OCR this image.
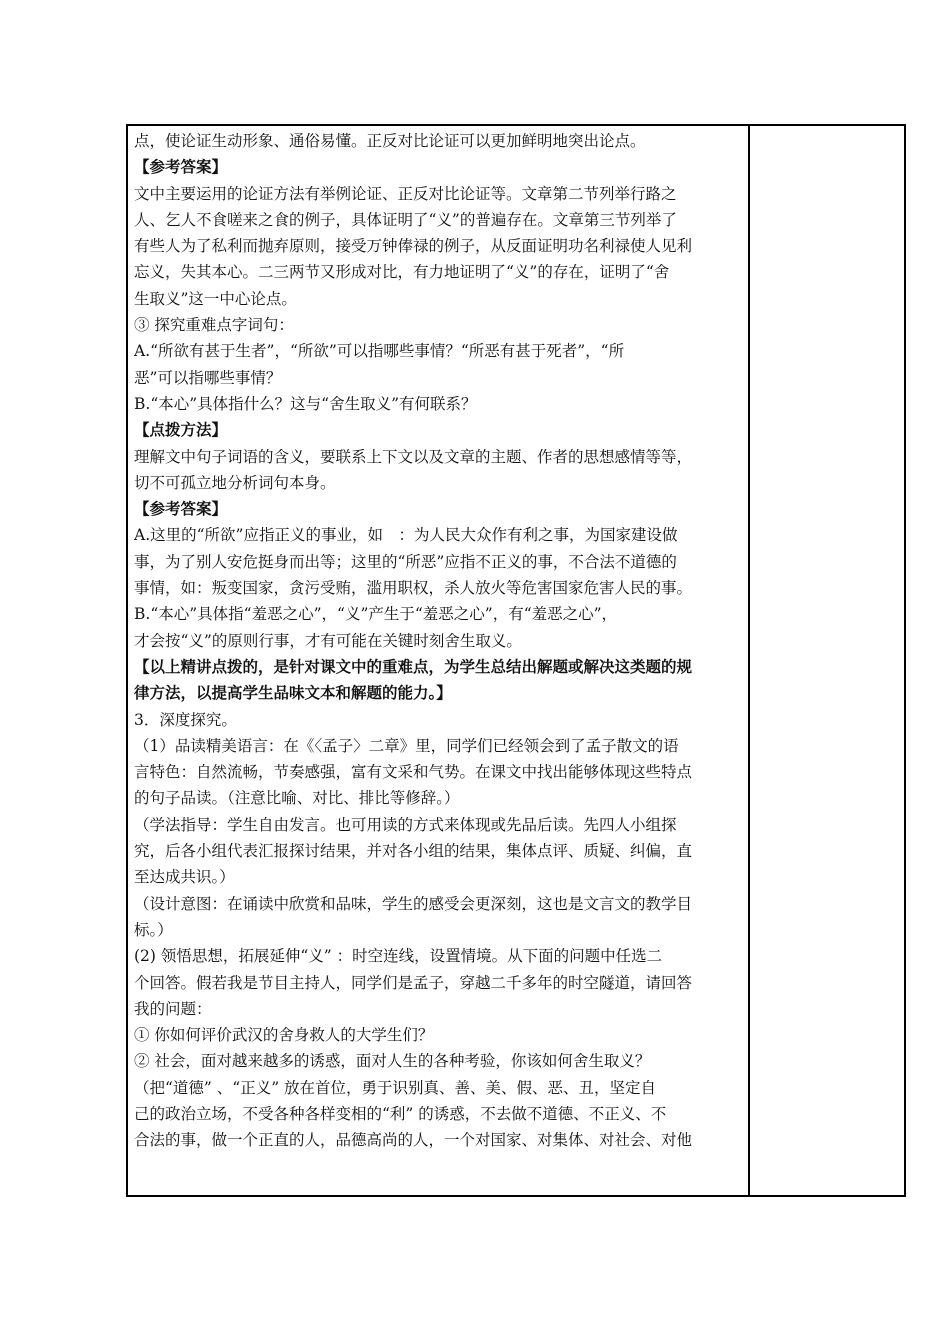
点，使论证生动形象、通俗易懂。正反对比论证可以更加鲜明地突出论点。
【参考答案】
文中主要运用的论证方法有举例论证、正反对比论证等。文章第二节列举行路之
人、乞人不食嗟来之食的例子，具体证明了“义”的普遍存在。文章第三节列举了
有些人为了私利而抛弃原则，接受万钟俸禄的例子，从反面证明功名利禄使人见利
忘义，失其本心。二三两节又形成对比，有力地证明了“义”的存在，证明了“舍
生取义”这一中心论点。
③ 探究重难点字词句：
A.“所欲有甚于生者”，“所欲”可以指哪些事情？“所恶有甚于死者”，“所
恶”可以指哪些事情？
B.“本心”具体指什么？这与“舍生取义”有何联系？
【点拨方法】
理解文中句子词语的含义，要联系上下文以及文章的主题、作者的思想感情等等，
切不可孤立地分析词句本身。
【参考答案】
A.这里的“所欲”应指正义的事业，如　：为人民大众作有利之事，为国家建设做
事，为了别人安危挺身而出等；这里的“所恶”应指不正义的事，不合法不道德的
事情，如：叛变国家，贪污受贿，滥用职权，杀人放火等危害国家危害人民的事。
B.“本心”具体指“羞恶之心”，“义”产生于“羞恶之心”，有“羞恶之心”，
才会按“义”的原则行事，才有可能在关键时刻舍生取义。
【以上精讲点拨的，是针对课文中的重难点，为学生总结出解题或解决这类题的规
律方法，以提高学生品味文本和解题的能力。】
3．深度探究。
（1）品读精美语言：在《〈孟子〉二章》里，同学们已经领会到了孟子散文的语
言特色：自然流畅，节奏感强，富有文采和气势。在课文中找出能够体现这些特点
的句子品读。（注意比喻、对比、排比等修辞。）
（学法指导：学生自由发言。也可用读的方式来体现或先品后读。先四人小组探
究，后各小组代表汇报探讨结果，并对各小组的结果，集体点评、质疑、纠偏，直
至达成共识。）
（设计意图：在诵读中欣赏和品味，学生的感受会更深刻，这也是文言文的教学目
标。）
(2) 领悟思想，拓展延伸“义” ：时空连线，设置情境。从下面的问题中任选二
个回答。假若我是节目主持人，同学们是孟子，穿越二千多年的时空隧道，请回答
我的问题：
① 你如何评价武汉的舍身救人的大学生们？
② 社会，面对越来越多的诱惑，面对人生的各种考验，你该如何舍生取义？
（把“道德” 、“正义” 放在首位，勇于识别真、善、美、假、恶、丑，坚定自
己的政治立场，不受各种各样变相的“利” 的诱惑，不去做不道德、不正义、不
合法的事，做一个正直的人，品德高尚的人，一个对国家、对集体、对社会、对他
